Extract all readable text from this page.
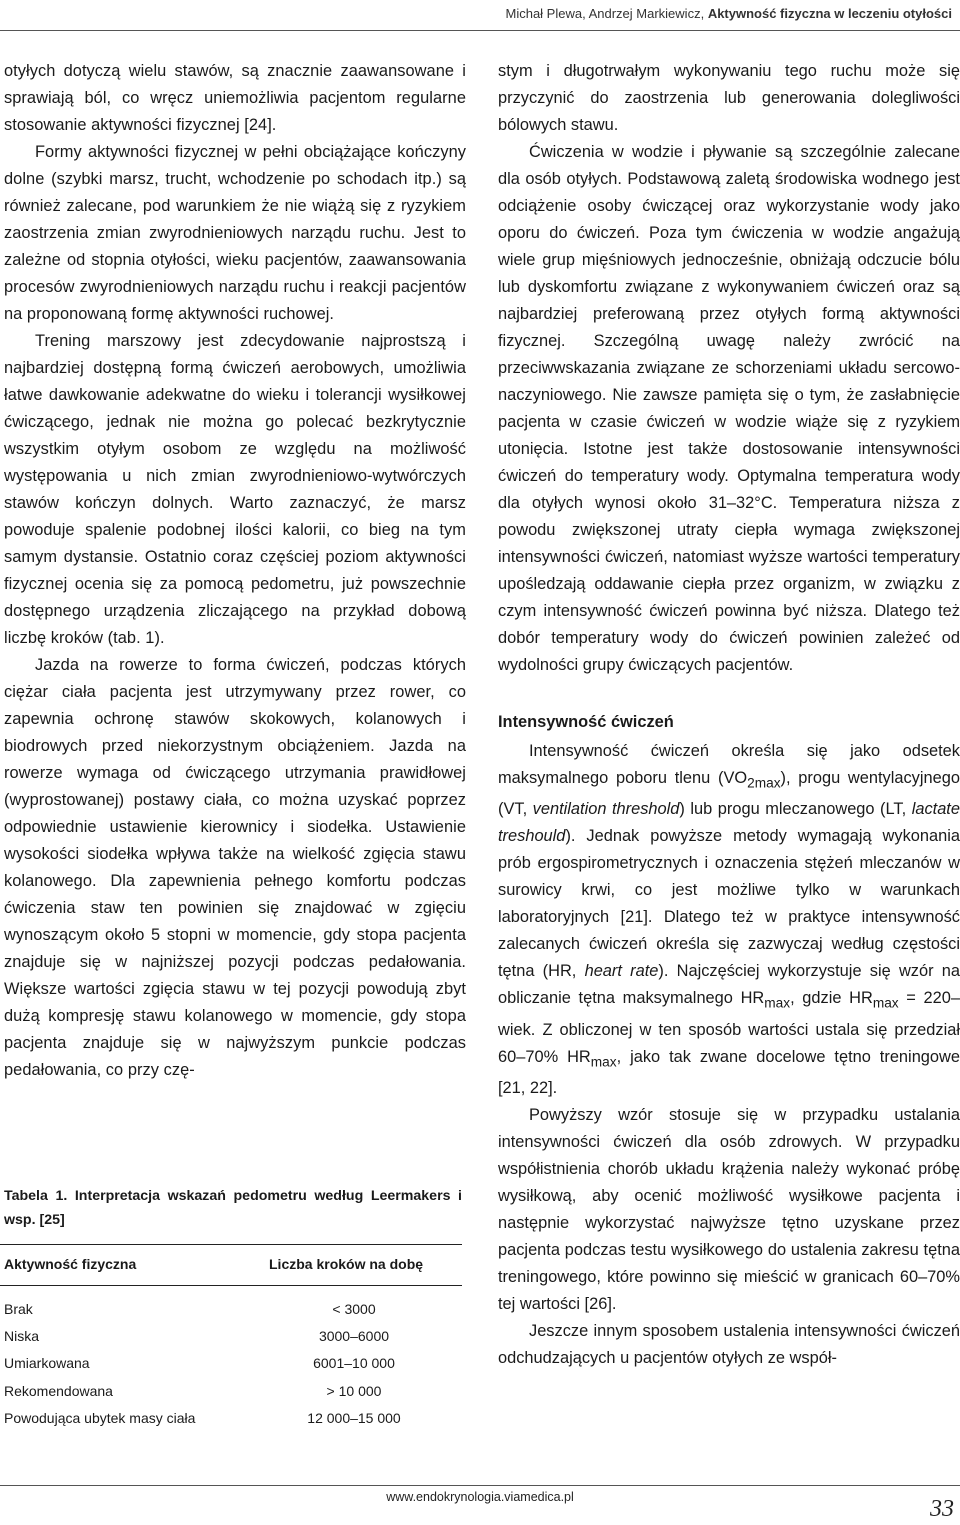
Michał Plewa, Andrzej Markiewicz, Aktywność fizyczna w leczeniu otyłości

otyłych dotyczą wielu stawów, są znacznie zaawansowane i sprawiają ból, co wręcz uniemożliwia pacjentom regularne stosowanie aktywności fizycznej [24].

Formy aktywności fizycznej w pełni obciążające kończyny dolne (szybki marsz, trucht, wchodzenie po schodach itp.) są również zalecane, pod warunkiem że nie wiążą się z ryzykiem zaostrzenia zmian zwyrodnieniowych narządu ruchu. Jest to zależne od stopnia otyłości, wieku pacjentów, zaawansowania procesów zwyrodnieniowych narządu ruchu i reakcji pacjentów na proponowaną formę aktywności ruchowej.

Trening marszowy jest zdecydowanie najprostszą i najbardziej dostępną formą ćwiczeń aerobowych, umożliwia łatwe dawkowanie adekwatne do wieku i tolerancji wysiłkowej ćwiczącego, jednak nie można go polecać bezkrytycznie wszystkim otyłym osobom ze względu na możliwość występowania u nich zmian zwyrodnieniowo-wytwórczych stawów kończyn dolnych. Warto zaznaczyć, że marsz powoduje spalenie podobnej ilości kalorii, co bieg na tym samym dystansie. Ostatnio coraz częściej poziom aktywności fizycznej ocenia się za pomocą pedometru, już powszechnie dostępnego urządzenia zliczającego na przykład dobową liczbę kroków (tab. 1).

Jazda na rowerze to forma ćwiczeń, podczas których ciężar ciała pacjenta jest utrzymywany przez rower, co zapewnia ochronę stawów skokowych, kolanowych i biodrowych przed niekorzystnym obciążeniem. Jazda na rowerze wymaga od ćwiczącego utrzymania prawidłowej (wyprostowanej) postawy ciała, co można uzyskać poprzez odpowiednie ustawienie kierownicy i siodełka. Ustawienie wysokości siodełka wpływa także na wielkość zgięcia stawu kolanowego. Dla zapewnienia pełnego komfortu podczas ćwiczenia staw ten powinien się znajdować w zgięciu wynoszącym około 5 stopni w momencie, gdy stopa pacjenta znajduje się w najniższej pozycji podczas pedałowania. Większe wartości zgięcia stawu w tej pozycji powodują zbyt dużą kompresję stawu kolanowego w momencie, gdy stopa pacjenta znajduje się w najwyższym punkcie podczas pedałowania, co przy czę-

Tabela 1. Interpretacja wskazań pedometru według Leermakers i wsp. [25]
Aktywność fizyczna	Liczba kroków na dobę
Brak	< 3000
Niska	3000–6000
Umiarkowana	6001–10 000
Rekomendowana	> 10 000
Powodująca ubytek masy ciała	12 000–15 000

stym i długotrwałym wykonywaniu tego ruchu może się przyczynić do zaostrzenia lub generowania dolegliwości bólowych stawu.

Ćwiczenia w wodzie i pływanie są szczególnie zalecane dla osób otyłych. Podstawową zaletą środowiska wodnego jest odciążenie osoby ćwiczącej oraz wykorzystanie wody jako oporu do ćwiczeń. Poza tym ćwiczenia w wodzie angażują wiele grup mięśniowych jednocześnie, obniżają odczucie bólu lub dyskomfortu związane z wykonywaniem ćwiczeń oraz są najbardziej preferowaną przez otyłych formą aktywności fizycznej. Szczególną uwagę należy zwrócić na przeciwwskazania związane ze schorzeniami układu sercowo-naczyniowego. Nie zawsze pamięta się o tym, że zasłabnięcie pacjenta w czasie ćwiczeń w wodzie wiąże się z ryzykiem utonięcia. Istotne jest także dostosowanie intensywności ćwiczeń do temperatury wody. Optymalna temperatura wody dla otyłych wynosi około 31–32°C. Temperatura niższa z powodu zwiększonej utraty ciepła wymaga zwiększonej intensywności ćwiczeń, natomiast wyższe wartości temperatury upośledzają oddawanie ciepła przez organizm, w związku z czym intensywność ćwiczeń powinna być niższa. Dlatego też dobór temperatury wody do ćwiczeń powinien zależeć od wydolności grupy ćwiczących pacjentów.

Intensywność ćwiczeń

Intensywność ćwiczeń określa się jako odsetek maksymalnego poboru tlenu $(VO_{2max})$, progu wentylacyjnego (VT, ventilation threshold) lub progu mleczanowego (LT, lactate treshould). Jednak powyższe metody wymagają wykonania prób ergospirometrycznych i oznaczenia stężeń mleczanów w surowicy krwi, co jest możliwe tylko w warunkach laboratoryjnych [21]. Dlatego też w praktyce intensywność zalecanych ćwiczeń określa się zazwyczaj według częstości tętna (HR, heart rate). Najczęściej wykorzystuje się wzór na obliczanie tętna maksymalnego $HR_{max}$, gdzie $HR_{max}$ = 220–wiek. Z obliczonej w ten sposób wartości ustala się przedział 60–70% $HR_{max}$, jako tak zwane docelowe tętno treningowe [21, 22].

Powyższy wzór stosuje się w przypadku ustalania intensywności ćwiczeń dla osób zdrowych. W przypadku współistnienia chorób układu krążenia należy wykonać próbę wysiłkową, aby ocenić możliwość wysiłkowe pacjenta i następnie wykorzystać najwyższe tętno uzyskane przez pacjenta podczas testu wysiłkowego do ustalenia zakresu tętna treningowego, które powinno się mieścić w granicach 60–70% tej wartości [26].

Jeszcze innym sposobem ustalenia intensywności ćwiczeń odchudzających u pacjentów otyłych ze współ-

www.endokrynologia.viamedica.pl	33
